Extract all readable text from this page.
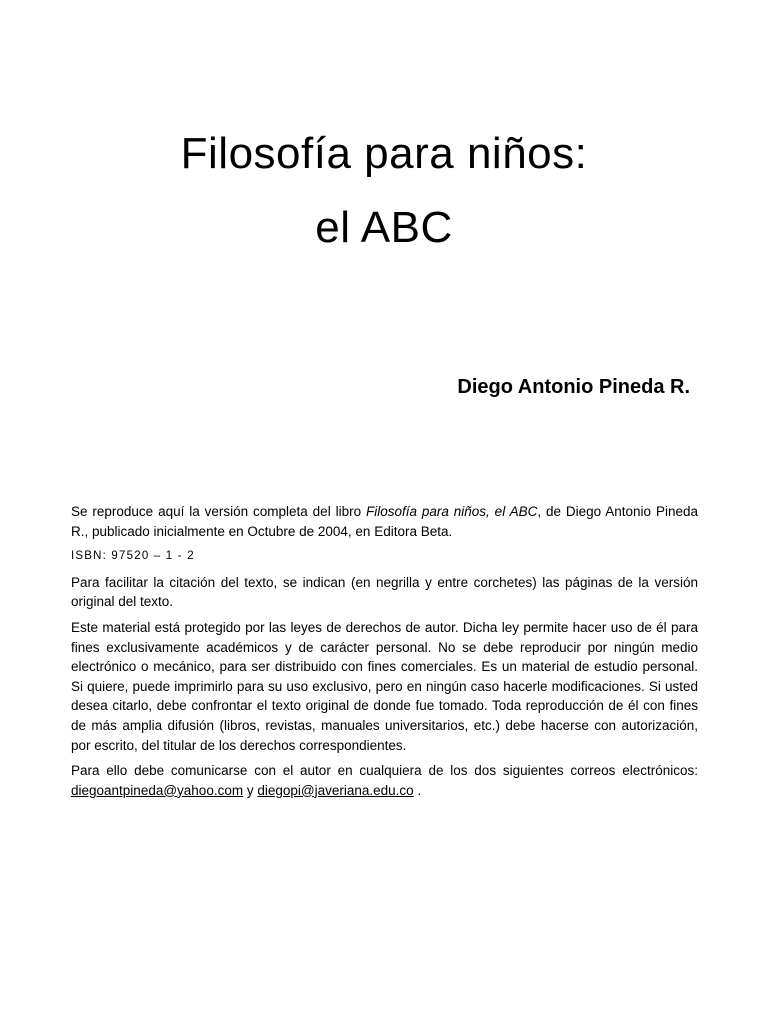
Filosofía para niños:
el ABC
Diego Antonio Pineda R.

Se reproduce aquí la versión completa del libro Filosofía para niños, el ABC, de Diego Antonio Pineda R., publicado inicialmente en Octubre de 2004, en Editora Beta.

ISBN: 97520 – 1 - 2

Para facilitar la citación del texto, se indican (en negrilla y entre corchetes) las páginas de la versión original del texto.

Este material está protegido por las leyes de derechos de autor. Dicha ley permite hacer uso de él para fines exclusivamente académicos y de carácter personal. No se debe reproducir por ningún medio electrónico o mecánico, para ser distribuido con fines comerciales. Es un material de estudio personal. Si quiere, puede imprimirlo para su uso exclusivo, pero en ningún caso hacerle modificaciones. Si usted desea citarlo, debe confrontar el texto original de donde fue tomado. Toda reproducción de él con fines de más amplia difusión (libros, revistas, manuales universitarios, etc.) debe hacerse con autorización, por escrito, del titular de los derechos correspondientes.

Para ello debe comunicarse con el autor en cualquiera de los dos siguientes correos electrónicos: diegoantpineda@yahoo.com y diegopi@javeriana.edu.co .
